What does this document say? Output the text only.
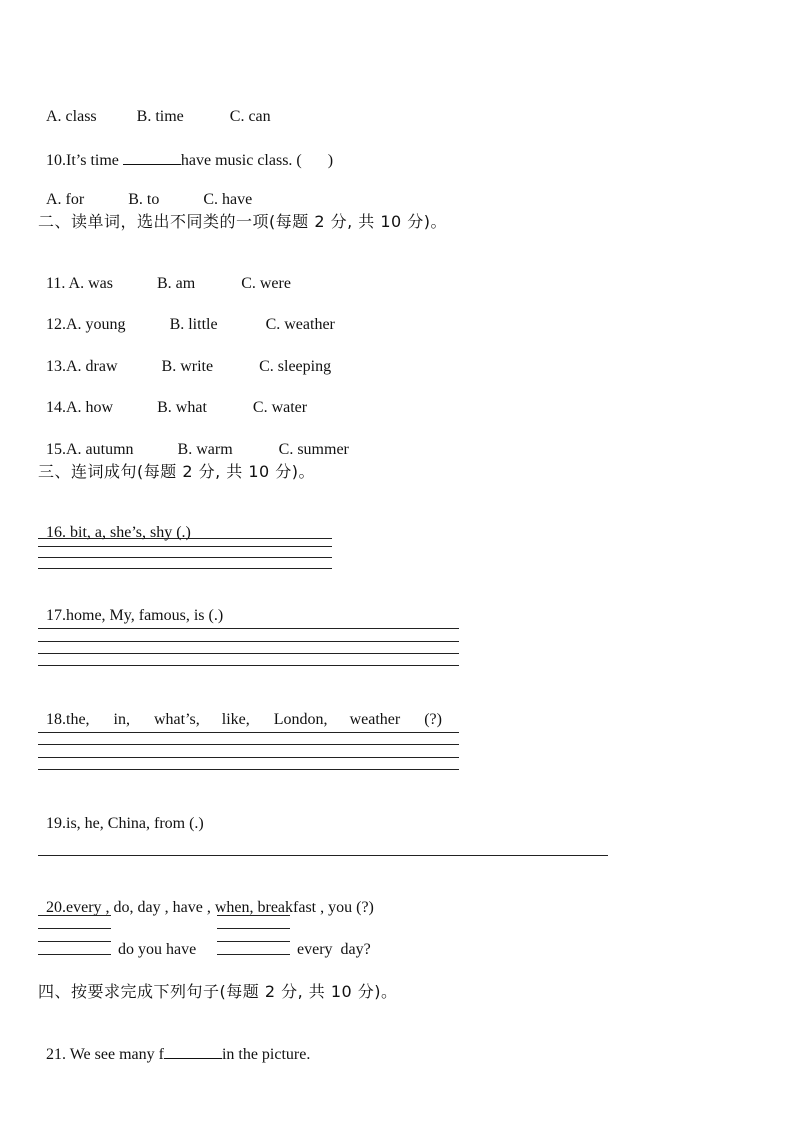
A. class	B. time	C. can

10.It’s time	have music class. ( )

A. for	B. to	C. have

二、读单词，选出不同类的一项(每题 2 分, 共 10 分)。

11. A. was	B. am	C. were

12.A. young	B. little	C. weather

13.A. draw	B. write	C. sleeping

14.A. how	B. what	C. water

15.A. autumn	B. warm	C. summer

三、连词成句(每题 2 分, 共 10 分)。

16. bit, a, she’s, shy (.)

17.home, My, famous, is (.)

18.the, in, what’s, like, London, weather (?)

19.is, he, China, from (.)

20.every , do, day , have , when, breakfast , you (?)

do you have	every  day?
四、按要求完成下列句子(每题 2 分, 共 10 分)。

21. We see many f	in the picture.
